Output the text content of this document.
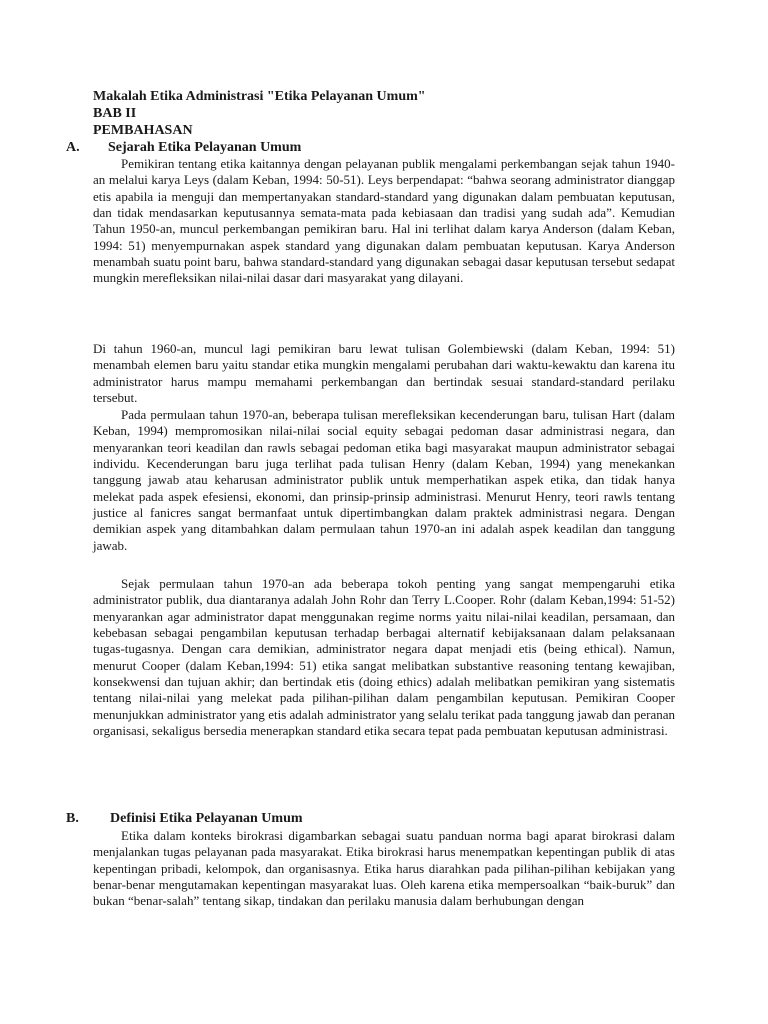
Makalah Etika Administrasi "Etika Pelayanan Umum"
BAB II
PEMBAHASAN
A. Sejarah Etika Pelayanan Umum

Pemikiran tentang etika kaitannya dengan pelayanan publik mengalami perkembangan sejak tahun 1940-an melalui karya Leys (dalam Keban, 1994: 50-51). Leys berpendapat: “bahwa seorang administrator dianggap etis apabila ia menguji dan mempertanyakan standard-standard yang digunakan dalam pembuatan keputusan, dan tidak mendasarkan keputusannya semata-mata pada kebiasaan dan tradisi yang sudah ada”. Kemudian Tahun 1950-an, muncul perkembangan pemikiran baru. Hal ini terlihat dalam karya Anderson (dalam Keban, 1994: 51) menyempurnakan aspek standard yang digunakan dalam pembuatan keputusan. Karya Anderson menambah suatu point baru, bahwa standard-standard yang digunakan sebagai dasar keputusan tersebut sedapat mungkin merefleksikan nilai-nilai dasar dari masyarakat yang dilayani.

Di tahun 1960-an, muncul lagi pemikiran baru lewat tulisan Golembiewski (dalam Keban, 1994: 51) menambah elemen baru yaitu standar etika mungkin mengalami perubahan dari waktu-kewaktu dan karena itu administrator harus mampu memahami perkembangan dan bertindak sesuai standard-standard perilaku tersebut.

Pada permulaan tahun 1970-an, beberapa tulisan merefleksikan kecenderungan baru, tulisan Hart (dalam Keban, 1994) mempromosikan nilai-nilai social equity sebagai pedoman dasar administrasi negara, dan menyarankan teori keadilan dan rawls sebagai pedoman etika bagi masyarakat maupun administrator sebagai individu. Kecenderungan baru juga terlihat pada tulisan Henry (dalam Keban, 1994) yang menekankan tanggung jawab atau keharusan administrator publik untuk memperhatikan aspek etika, dan tidak hanya melekat pada aspek efesiensi, ekonomi, dan prinsip-prinsip administrasi. Menurut Henry, teori rawls tentang justice al fanicres sangat bermanfaat untuk dipertimbangkan dalam praktek administrasi negara. Dengan demikian aspek yang ditambahkan dalam permulaan tahun 1970-an ini adalah aspek keadilan dan tanggung jawab.

Sejak permulaan tahun 1970-an ada beberapa tokoh penting yang sangat mempengaruhi etika administrator publik, dua diantaranya adalah John Rohr dan Terry L.Cooper. Rohr (dalam Keban,1994: 51-52) menyarankan agar administrator dapat menggunakan regime norms yaitu nilai-nilai keadilan, persamaan, dan kebebasan sebagai pengambilan keputusan terhadap berbagai alternatif kebijaksanaan dalam pelaksanaan tugas-tugasnya. Dengan cara demikian, administrator negara dapat menjadi etis (being ethical). Namun, menurut Cooper (dalam Keban,1994: 51) etika sangat melibatkan substantive reasoning tentang kewajiban, konsekwensi dan tujuan akhir; dan bertindak etis (doing ethics) adalah melibatkan pemikiran yang sistematis tentang nilai-nilai yang melekat pada pilihan-pilihan dalam pengambilan keputusan. Pemikiran Cooper menunjukkan administrator yang etis adalah administrator yang selalu terikat pada tanggung jawab dan peranan organisasi, sekaligus bersedia menerapkan standard etika secara tepat pada pembuatan keputusan administrasi.

B. Definisi Etika Pelayanan Umum

Etika dalam konteks birokrasi digambarkan sebagai suatu panduan norma bagi aparat birokrasi dalam menjalankan tugas pelayanan pada masyarakat. Etika birokrasi harus menempatkan kepentingan publik di atas kepentingan pribadi, kelompok, dan organisasnya. Etika harus diarahkan pada pilihan-pilihan kebijakan yang benar-benar mengutamakan kepentingan masyarakat luas. Oleh karena etika mempersoalkan “baik-buruk” dan bukan “benar-salah” tentang sikap, tindakan dan perilaku manusia dalam berhubungan dengan
